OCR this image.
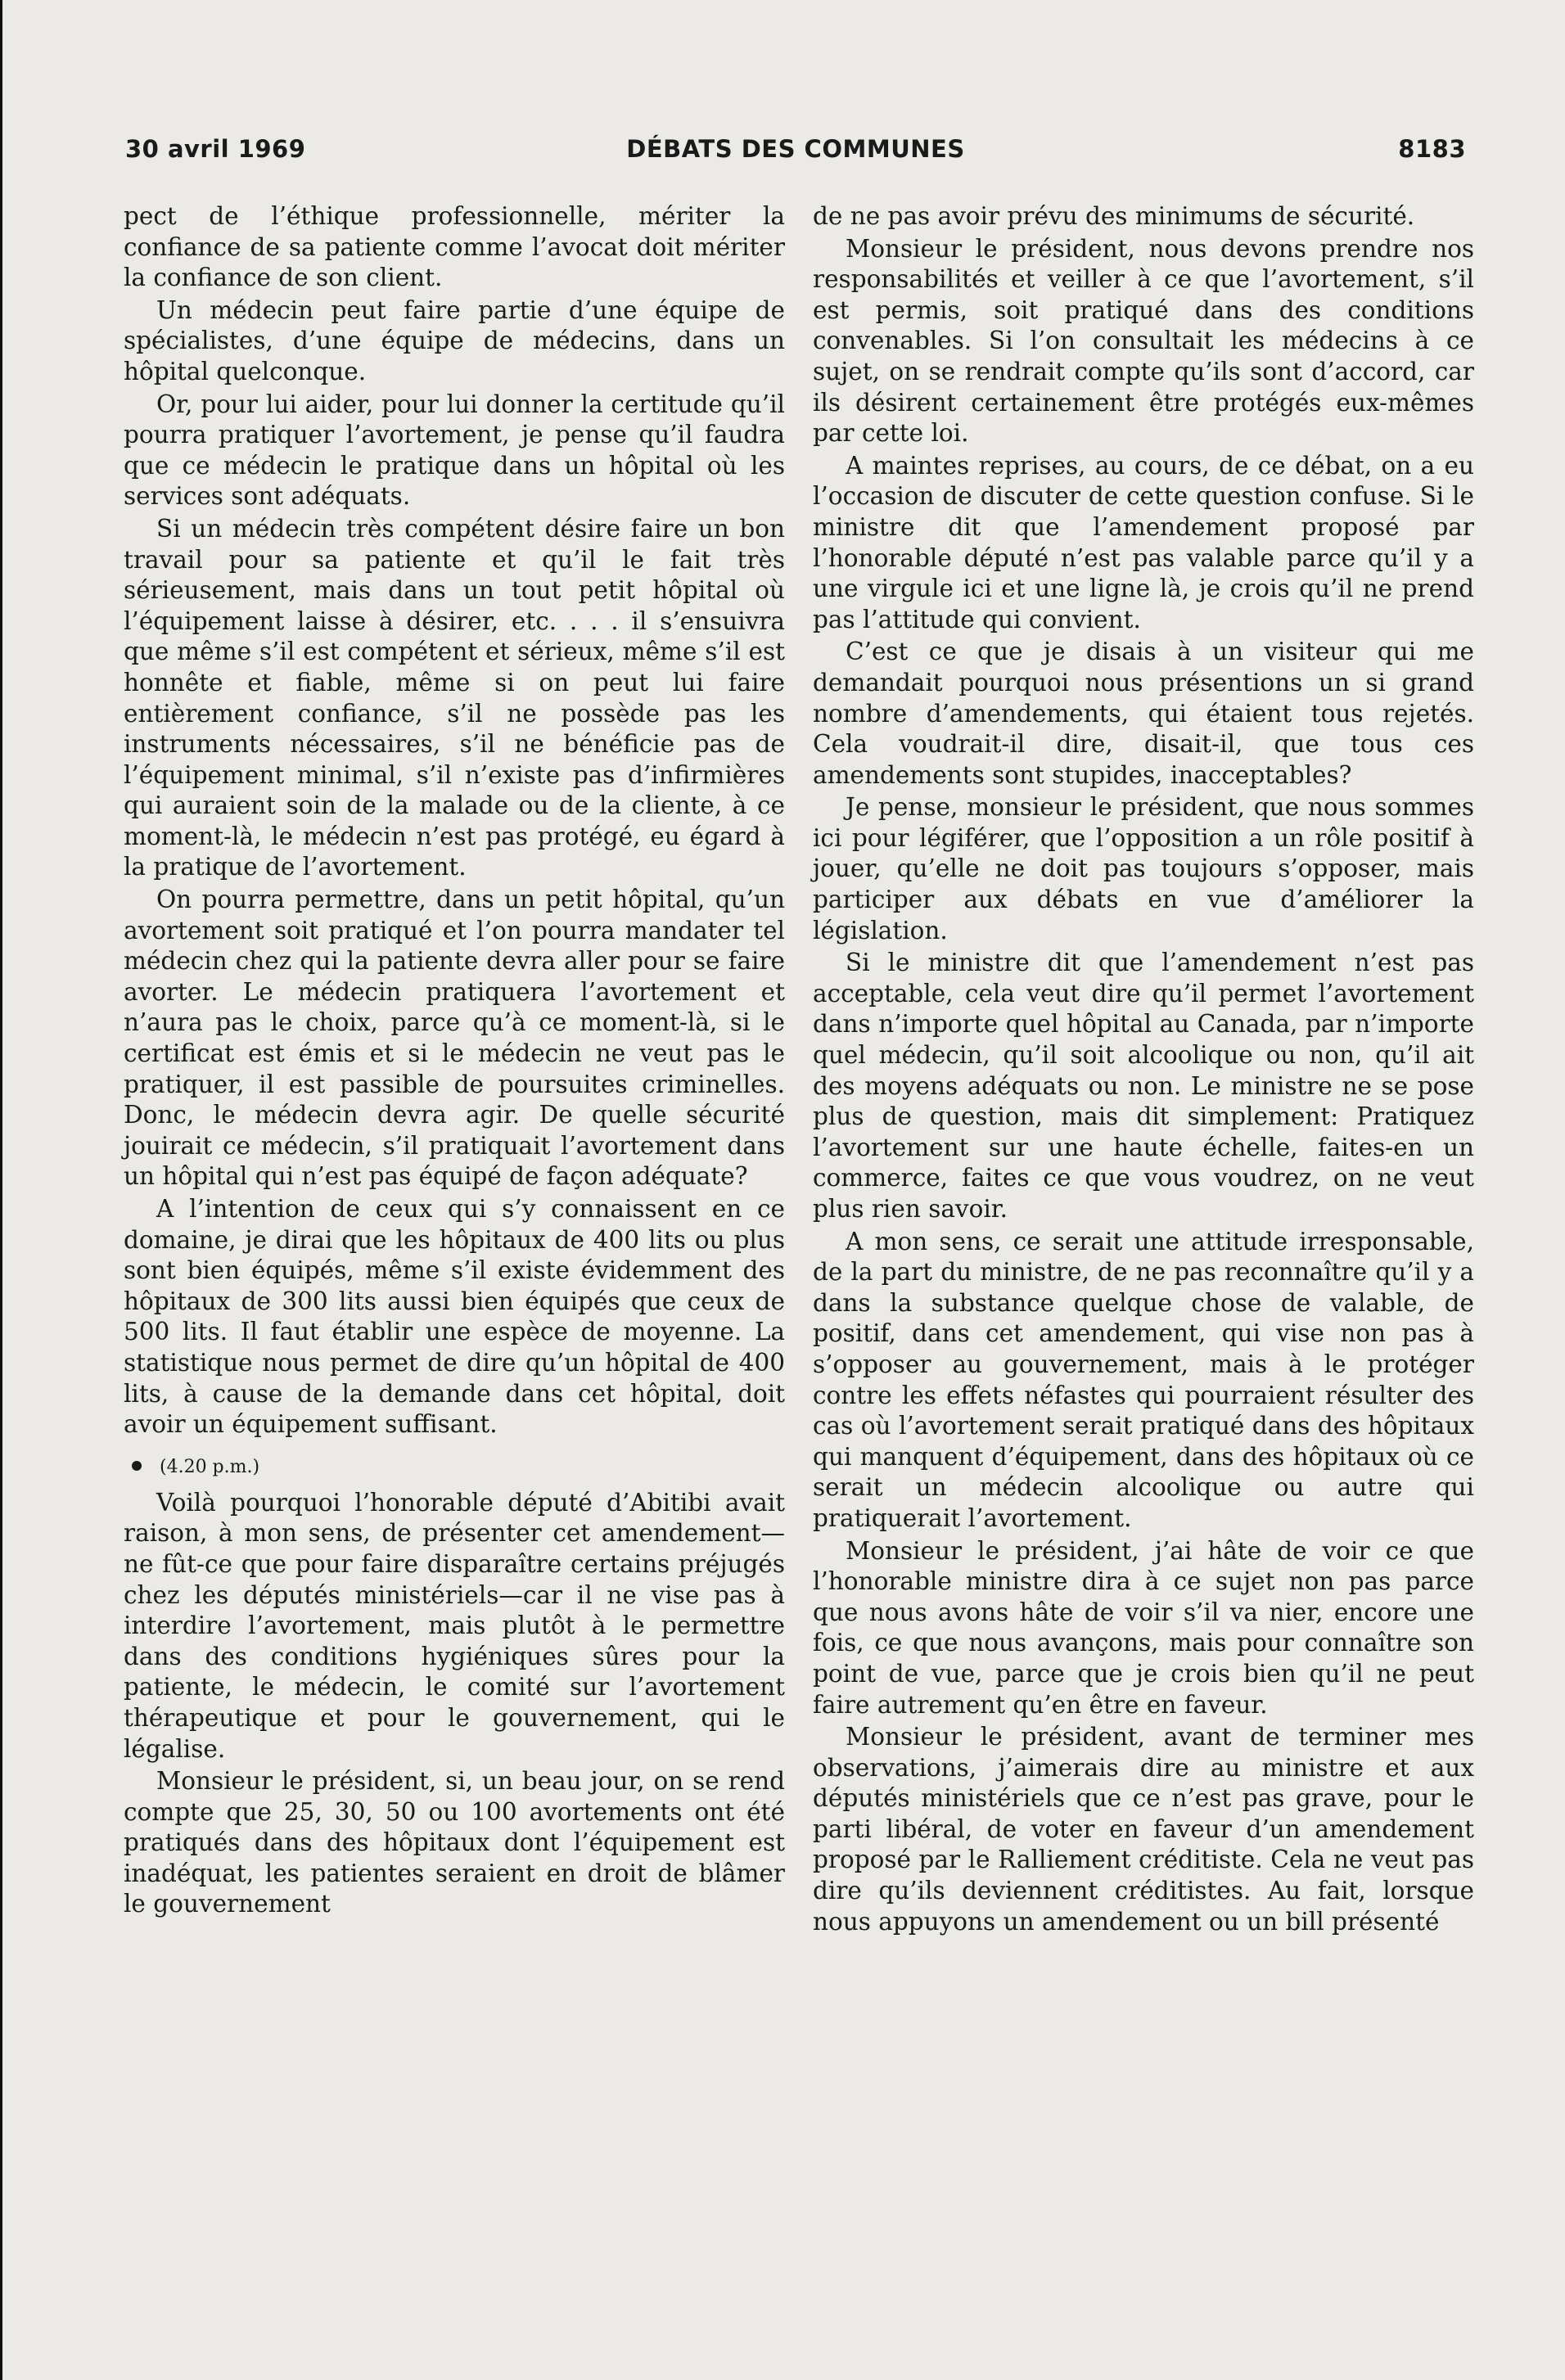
30 avril 1969	DÉBATS DES COMMUNES	8183

pect de l’éthique professionnelle, mériter la confiance de sa patiente comme l’avocat doit mériter la confiance de son client.

Un médecin peut faire partie d’une équipe de spécialistes, d’une équipe de médecins, dans un hôpital quelconque.

Or, pour lui aider, pour lui donner la certitude qu’il pourra pratiquer l’avortement, je pense qu’il faudra que ce médecin le pratique dans un hôpital où les services sont adéquats.

Si un médecin très compétent désire faire un bon travail pour sa patiente et qu’il le fait très sérieusement, mais dans un tout petit hôpital où l’équipement laisse à désirer, etc. . . . il s’ensuivra que même s’il est compétent et sérieux, même s’il est honnête et fiable, même si on peut lui faire entièrement confiance, s’il ne possède pas les instruments nécessaires, s’il ne bénéficie pas de l’équipement minimal, s’il n’existe pas d’infirmières qui auraient soin de la malade ou de la cliente, à ce moment-là, le médecin n’est pas protégé, eu égard à la pratique de l’avortement.

On pourra permettre, dans un petit hôpital, qu’un avortement soit pratiqué et l’on pourra mandater tel médecin chez qui la patiente devra aller pour se faire avorter. Le médecin pratiquera l’avortement et n’aura pas le choix, parce qu’à ce moment-là, si le certificat est émis et si le médecin ne veut pas le pratiquer, il est passible de poursuites criminelles. Donc, le médecin devra agir. De quelle sécurité jouirait ce médecin, s’il pratiquait l’avortement dans un hôpital qui n’est pas équipé de façon adéquate?

A l’intention de ceux qui s’y connaissent en ce domaine, je dirai que les hôpitaux de 400 lits ou plus sont bien équipés, même s’il existe évidemment des hôpitaux de 300 lits aussi bien équipés que ceux de 500 lits. Il faut établir une espèce de moyenne. La statistique nous permet de dire qu’un hôpital de 400 lits, à cause de la demande dans cet hôpital, doit avoir un équipement suffisant.

(4.20 p.m.)

Voilà pourquoi l’honorable député d’Abitibi avait raison, à mon sens, de présenter cet amendement—ne fût-ce que pour faire disparaître certains préjugés chez les députés ministériels—car il ne vise pas à interdire l’avortement, mais plutôt à le permettre dans des conditions hygiéniques sûres pour la patiente, le médecin, le comité sur l’avortement thérapeutique et pour le gouvernement, qui le légalise.

Monsieur le président, si, un beau jour, on se rend compte que 25, 30, 50 ou 100 avortements ont été pratiqués dans des hôpitaux dont l’équipement est inadéquat, les patientes seraient en droit de blâmer le gouvernement

de ne pas avoir prévu des minimums de sécurité.

Monsieur le président, nous devons prendre nos responsabilités et veiller à ce que l’avortement, s’il est permis, soit pratiqué dans des conditions convenables. Si l’on consultait les médecins à ce sujet, on se rendrait compte qu’ils sont d’accord, car ils désirent certainement être protégés eux-mêmes par cette loi.

A maintes reprises, au cours, de ce débat, on a eu l’occasion de discuter de cette question confuse. Si le ministre dit que l’amendement proposé par l’honorable député n’est pas valable parce qu’il y a une virgule ici et une ligne là, je crois qu’il ne prend pas l’attitude qui convient.

C’est ce que je disais à un visiteur qui me demandait pourquoi nous présentions un si grand nombre d’amendements, qui étaient tous rejetés. Cela voudrait-il dire, disait-il, que tous ces amendements sont stupides, inacceptables?

Je pense, monsieur le président, que nous sommes ici pour légiférer, que l’opposition a un rôle positif à jouer, qu’elle ne doit pas toujours s’opposer, mais participer aux débats en vue d’améliorer la législation.

Si le ministre dit que l’amendement n’est pas acceptable, cela veut dire qu’il permet l’avortement dans n’importe quel hôpital au Canada, par n’importe quel médecin, qu’il soit alcoolique ou non, qu’il ait des moyens adéquats ou non. Le ministre ne se pose plus de question, mais dit simplement: Pratiquez l’avortement sur une haute échelle, faites-en un commerce, faites ce que vous voudrez, on ne veut plus rien savoir.

A mon sens, ce serait une attitude irresponsable, de la part du ministre, de ne pas reconnaître qu’il y a dans la substance quelque chose de valable, de positif, dans cet amendement, qui vise non pas à s’opposer au gouvernement, mais à le protéger contre les effets néfastes qui pourraient résulter des cas où l’avortement serait pratiqué dans des hôpitaux qui manquent d’équipement, dans des hôpitaux où ce serait un médecin alcoolique ou autre qui pratiquerait l’avortement.

Monsieur le président, j’ai hâte de voir ce que l’honorable ministre dira à ce sujet non pas parce que nous avons hâte de voir s’il va nier, encore une fois, ce que nous avançons, mais pour connaître son point de vue, parce que je crois bien qu’il ne peut faire autrement qu’en être en faveur.

Monsieur le président, avant de terminer mes observations, j’aimerais dire au ministre et aux députés ministériels que ce n’est pas grave, pour le parti libéral, de voter en faveur d’un amendement proposé par le Ralliement créditiste. Cela ne veut pas dire qu’ils deviennent créditistes. Au fait, lorsque nous appuyons un amendement ou un bill présenté
